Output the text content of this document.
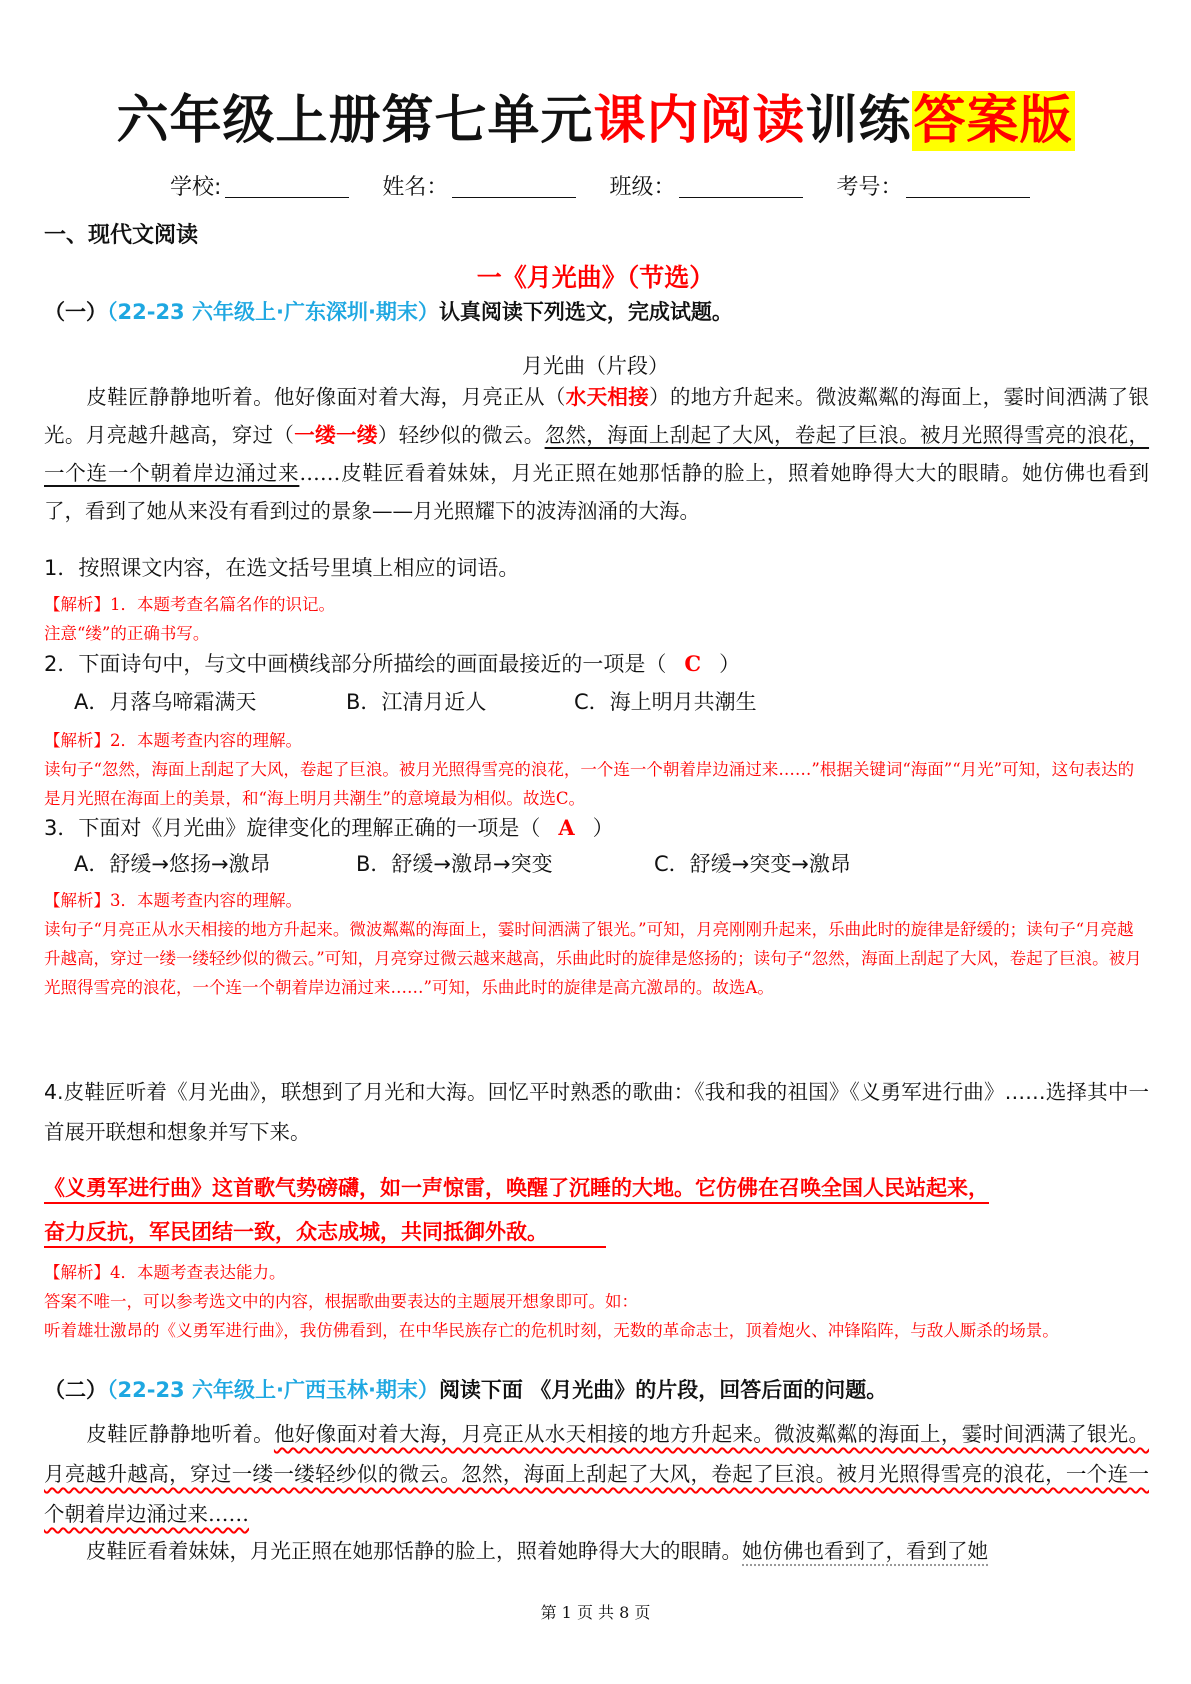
六年级上册第七单元课内阅读训练答案版
学校:	姓名：	班级：	考号：
一、现代文阅读
一《月光曲》（节选）
（一）（22-23 六年级上·广东深圳·期末）认真阅读下列选文，完成试题。
月光曲（片段）
皮鞋匠静静地听着。他好像面对着大海，月亮正从（水天相接）的地方升起来。微波粼粼的海面上，霎时间洒满了银光。月亮越升越高，穿过（一缕一缕）轻纱似的微云。忽然，海面上刮起了大风，卷起了巨浪。被月光照得雪亮的浪花，一个连一个朝着岸边涌过来……皮鞋匠看着妹妹，月光正照在她那恬静的脸上，照着她睁得大大的眼睛。她仿佛也看到了，看到了她从来没有看到过的景象——月光照耀下的波涛汹涌的大海。
1．按照课文内容，在选文括号里填上相应的词语。
【解析】1．本题考查名篇名作的识记。
注意“缕”的正确书写。
2．下面诗句中，与文中画横线部分所描绘的画面最接近的一项是（ C ）
A．月落乌啼霜满天	B．江清月近人	C．海上明月共潮生
【解析】2．本题考查内容的理解。
读句子“忽然，海面上刮起了大风，卷起了巨浪。被月光照得雪亮的浪花，一个连一个朝着岸边涌过来……”根据关键词“海面”“月光”可知，这句表达的是月光照在海面上的美景，和“海上明月共潮生”的意境最为相似。故选C。
3．下面对《月光曲》旋律变化的理解正确的一项是（ A ）
A．舒缓→悠扬→激昂	B．舒缓→激昂→突变	C．舒缓→突变→激昂
【解析】3．本题考查内容的理解。
读句子“月亮正从水天相接的地方升起来。微波粼粼的海面上，霎时间洒满了银光。”可知，月亮刚刚升起来，乐曲此时的旋律是舒缓的；读句子“月亮越升越高，穿过一缕一缕轻纱似的微云。”可知，月亮穿过微云越来越高，乐曲此时的旋律是悠扬的；读句子“忽然，海面上刮起了大风，卷起了巨浪。被月光照得雪亮的浪花，一个连一个朝着岸边涌过来……”可知，乐曲此时的旋律是高亢激昂的。故选A。
4.皮鞋匠听着《月光曲》，联想到了月光和大海。回忆平时熟悉的歌曲：《我和我的祖国》《义勇军进行曲》……选择其中一首展开联想和想象并写下来。
《义勇军进行曲》这首歌气势磅礴，如一声惊雷，唤醒了沉睡的大地。它仿佛在召唤全国人民站起来，
奋力反抗，军民团结一致，众志成城，共同抵御外敌。
【解析】4．本题考查表达能力。
答案不唯一，可以参考选文中的内容，根据歌曲要表达的主题展开想象即可。如：
听着雄壮激昂的《义勇军进行曲》，我仿佛看到，在中华民族存亡的危机时刻，无数的革命志士，顶着炮火、冲锋陷阵，与敌人厮杀的场景。
（二）（22-23 六年级上·广西玉林·期末）阅读下面 《月光曲》的片段，回答后面的问题。
皮鞋匠静静地听着。他好像面对着大海，月亮正从水天相接的地方升起来。微波粼粼的海面上，霎时间洒满了银光。月亮越升越高，穿过一缕一缕轻纱似的微云。忽然，海面上刮起了大风，卷起了巨浪。被月光照得雪亮的浪花，一个连一个朝着岸边涌过来……
皮鞋匠看着妹妹，月光正照在她那恬静的脸上，照着她睁得大大的眼睛。她仿佛也看到了，看到了她
第 1 页 共 8 页
